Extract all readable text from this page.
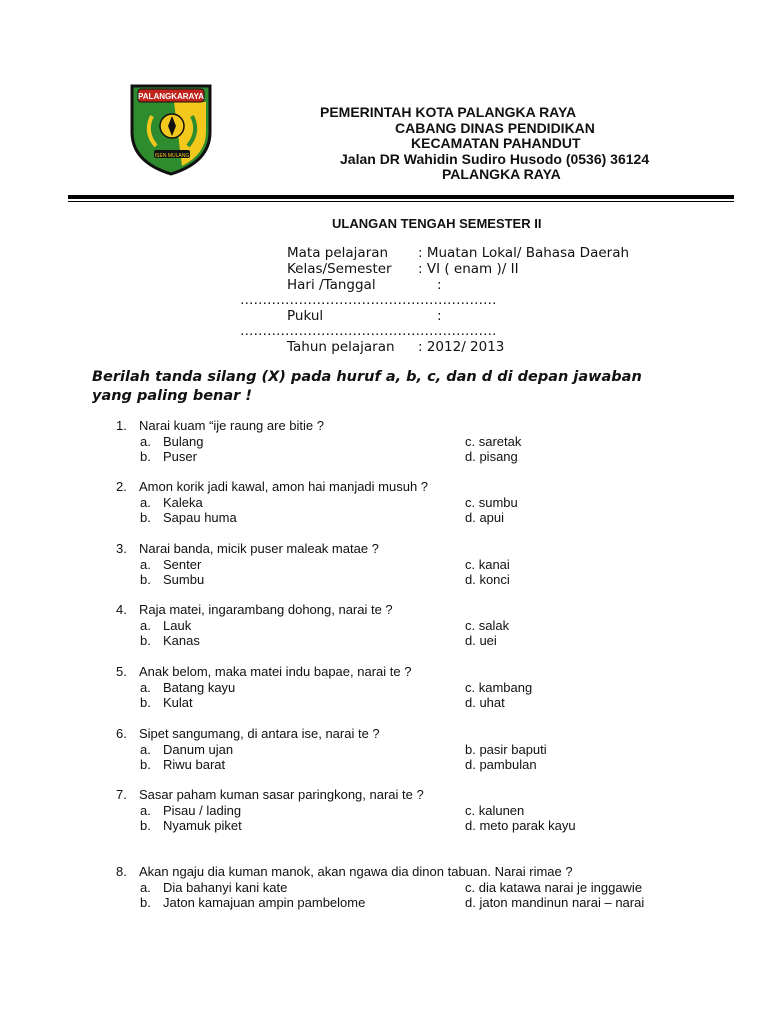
PALANGKARAYA
ISEN MULANG
PEMERINTAH KOTA PALANGKA RAYA
CABANG DINAS PENDIDIKAN
KECAMATAN PAHANDUT
Jalan DR Wahidin Sudiro Husodo (0536) 36124
PALANGKA RAYA
ULANGAN TENGAH SEMESTER II
Mata pelajaran : Muatan Lokal/ Bahasa Daerah
Kelas/Semester : VI ( enam )/ II
Hari /Tanggal	:
…………………………………………………
Pukul	:
…………………………………………………
Tahun pelajaran : 2012/ 2013
Berilah tanda silang (X) pada huruf a, b, c, dan d di depan jawaban yang paling benar !
1. Narai kuam “ije raung are bitie ?
a. Bulang	c. saretak
b. Puser	d. pisang
2. Amon korik jadi kawal, amon hai manjadi musuh ?
a. Kaleka	c. sumbu
b. Sapau huma	d. apui
3. Narai banda, micik puser maleak matae ?
a. Senter	c. kanai
b. Sumbu	d. konci
4. Raja matei, ingarambang dohong, narai te ?
a. Lauk	c. salak
b. Kanas	d. uei
5. Anak belom, maka matei indu bapae, narai te ?
a. Batang kayu	c. kambang
b. Kulat	d. uhat
6. Sipet sangumang, di antara ise, narai te ?
a. Danum ujan	b. pasir baputi
b. Riwu barat	d. pambulan
7. Sasar paham kuman sasar paringkong, narai te ?
a. Pisau / lading	c. kalunen
b. Nyamuk piket	d. meto parak kayu
8. Akan ngaju dia kuman manok, akan ngawa dia dinon tabuan. Narai rimae ?
a. Dia bahanyi kani kate	c. dia katawa narai je inggawie
b. Jaton kamajuan ampin pambelome	d. jaton mandinun narai – narai
